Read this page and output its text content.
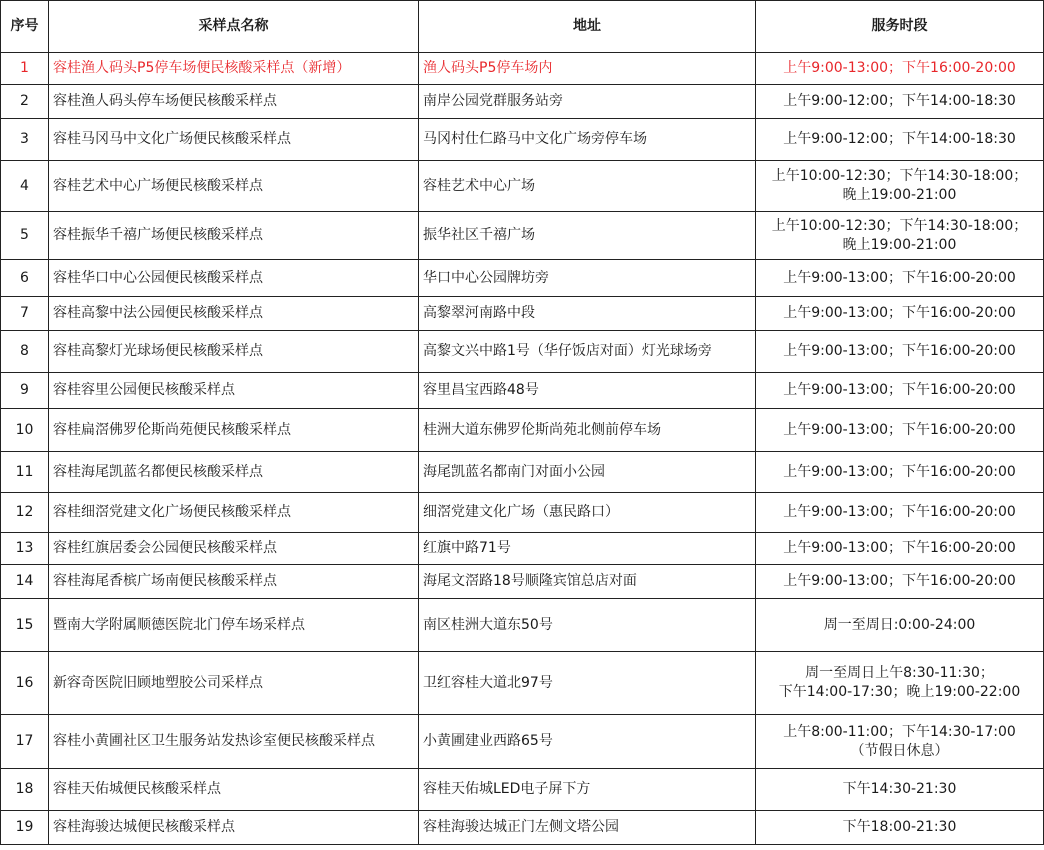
序号	采样点名称	地址	服务时段
1	容桂渔人码头P5停车场便民核酸采样点（新增）	渔人码头P5停车场内	上午9:00-13:00；下午16:00-20:00

2	容桂渔人码头停车场便民核酸采样点	南岸公园党群服务站旁	上午9:00-12:00；下午14:00-18:30

3	容桂马冈马中文化广场便民核酸采样点	马冈村仕仁路马中文化广场旁停车场	上午9:00-12:00；下午14:00-18:30

4	容桂艺术中心广场便民核酸采样点	容桂艺术中心广场	上午10:00-12:30；下午14:30-18:00；
晚上19:00-21:00

5	容桂振华千禧广场便民核酸采样点	振华社区千禧广场	上午10:00-12:30；下午14:30-18:00；
晚上19:00-21:00

6	容桂华口中心公园便民核酸采样点	华口中心公园牌坊旁	上午9:00-13:00；下午16:00-20:00

7	容桂高黎中法公园便民核酸采样点	高黎翠河南路中段	上午9:00-13:00；下午16:00-20:00

8	容桂高黎灯光球场便民核酸采样点	高黎文兴中路1号（华仔饭店对面）灯光球场旁	上午9:00-13:00；下午16:00-20:00

9	容桂容里公园便民核酸采样点	容里昌宝西路48号	上午9:00-13:00；下午16:00-20:00

10	容桂扁滘佛罗伦斯尚苑便民核酸采样点	桂洲大道东佛罗伦斯尚苑北侧前停车场	上午9:00-13:00；下午16:00-20:00

11	容桂海尾凯蓝名都便民核酸采样点	海尾凯蓝名都南门对面小公园	上午9:00-13:00；下午16:00-20:00

12	容桂细滘党建文化广场便民核酸采样点	细滘党建文化广场（惠民路口）	上午9:00-13:00；下午16:00-20:00

13	容桂红旗居委会公园便民核酸采样点	红旗中路71号	上午9:00-13:00；下午16:00-20:00

14	容桂海尾香槟广场南便民核酸采样点	海尾文滘路18号顺隆宾馆总店对面	上午9:00-13:00；下午16:00-20:00

15	暨南大学附属顺德医院北门停车场采样点	南区桂洲大道东50号	周一至周日:0:00-24:00

16	新容奇医院旧顾地塑胶公司采样点	卫红容桂大道北97号	周一至周日上午8:30-11:30；
下午14:00-17:30；晚上19:00-22:00

17	容桂小黄圃社区卫生服务站发热诊室便民核酸采样点	小黄圃建业西路65号	上午8:00-11:00；下午14:30-17:00
（节假日休息）

18	容桂天佑城便民核酸采样点	容桂天佑城LED电子屏下方	下午14:30-21:30

19	容桂海骏达城便民核酸采样点	容桂海骏达城正门左侧文塔公园	下午18:00-21:30
